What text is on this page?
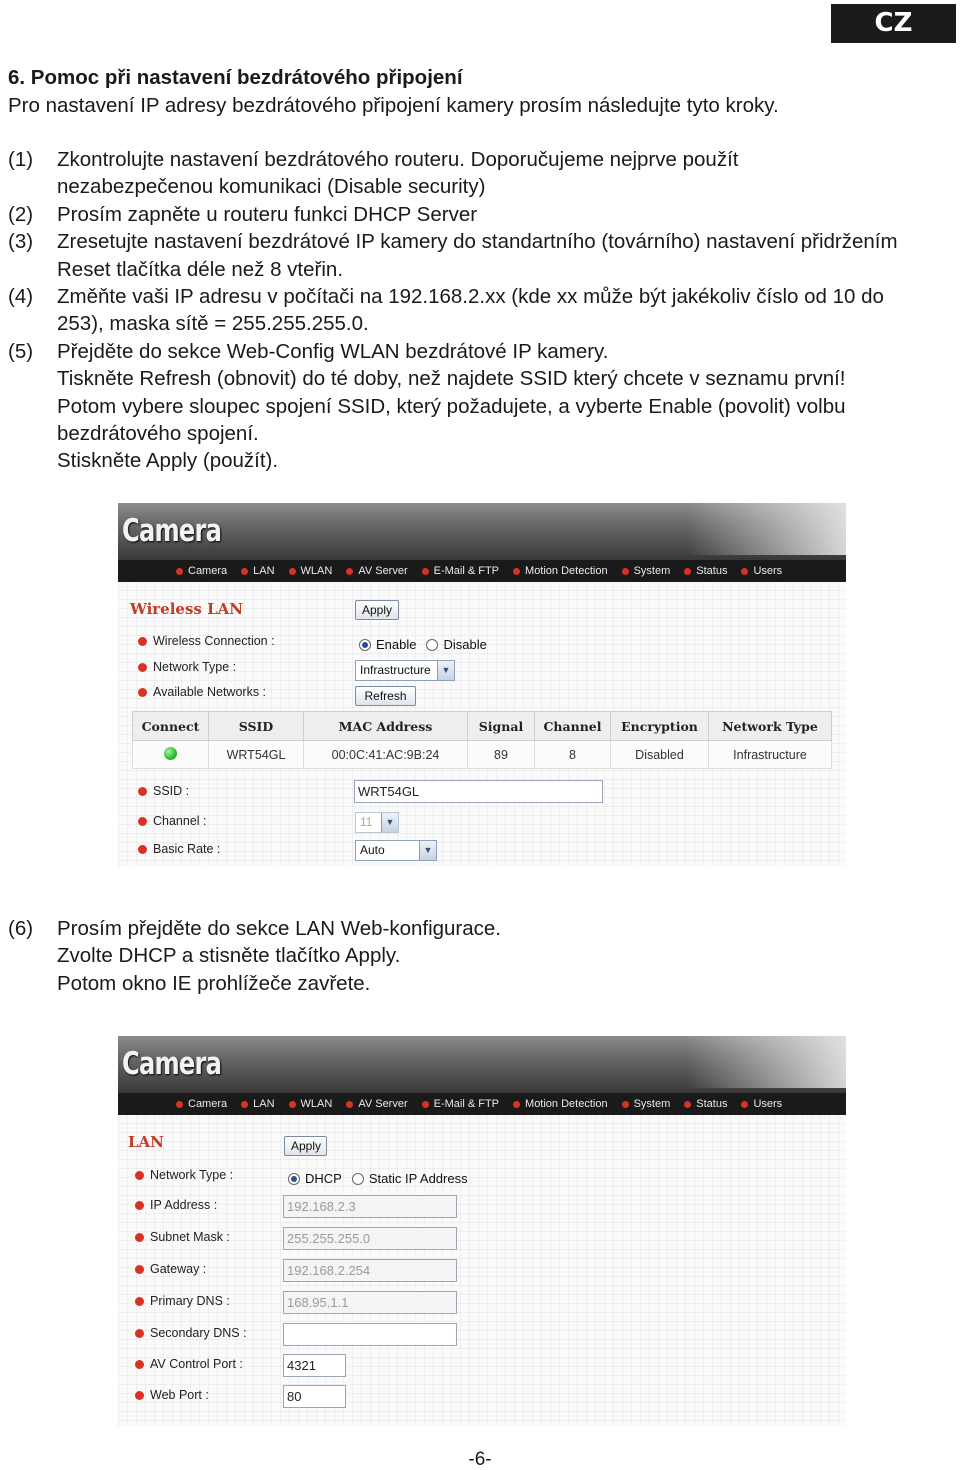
CZ
6. Pomoc při nastavení bezdrátového připojení
Pro nastavení IP adresy bezdrátového připojení kamery prosím následujte tyto kroky.
(1)	Zkontrolujte nastavení bezdrátového routeru. Doporučujeme nejprve použít
nezabezpečenou komunikaci (Disable security)
(2)	Prosím zapněte u routeru funkci DHCP Server
(3)	Zresetujte nastavení bezdrátové IP kamery do standartního (továrního) nastavení přidržením
Reset tlačítka déle než 8 vteřin.
(4)	Změňte vaši IP adresu v počítači na 192.168.2.xx (kde xx může být jakékoliv číslo od 10 do
253), maska sítě = 255.255.255.0.
(5)	Přejděte do sekce Web-Config WLAN bezdrátové IP kamery.
Tiskněte Refresh (obnovit) do té doby, než najdete SSID který chcete v seznamu první!
Potom vybere sloupec spojení SSID, který požadujete, a vyberte Enable (povolit) volbu
bezdrátového spojení.
Stiskněte Apply (použít).
Camera
Camera LAN WLAN AV Server E-Mail & FTP Motion Detection System Status Users
Wireless LAN	Apply
Wireless Connection :	Enable Disable
Network Type :	Infrastructure	▼
Available Networks :	Refresh
Connect	SSID	MAC Address	Signal	Channel	Encryption	Network Type
	WRT54GL	00:0C:41:AC:9B:24	89	8	Disabled	Infrastructure
SSID :	WRT54GL
Channel :	11	▼
Basic Rate :	Auto	▼
(6)	Prosím přejděte do sekce LAN Web-konfigurace.
Zvolte DHCP a stisněte tlačítko Apply.
Potom okno IE prohlížeče zavřete.
Camera
Camera LAN WLAN AV Server E-Mail & FTP Motion Detection System Status Users
LAN	Apply
Network Type :	DHCP Static IP Address
IP Address :	192.168.2.3
Subnet Mask :	255.255.255.0
Gateway :	192.168.2.254
Primary DNS :	168.95.1.1
Secondary DNS :
AV Control Port :	4321
Web Port :	80
-6-
